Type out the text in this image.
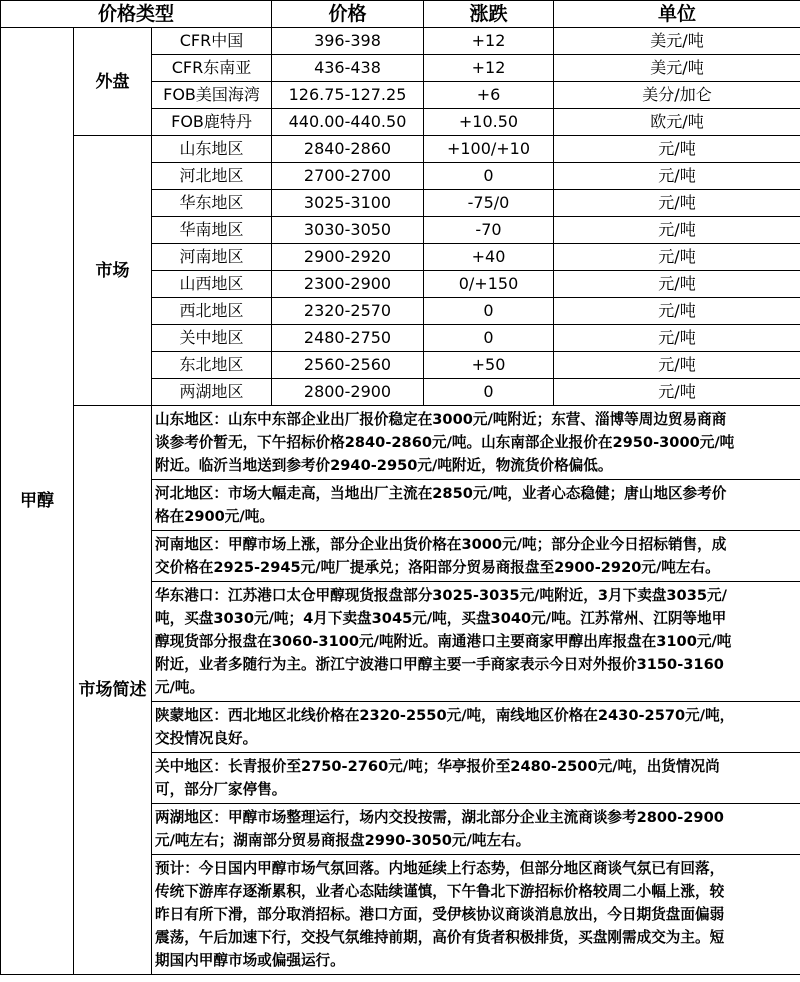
价格类型			价格	涨跌	单位
甲醇	外盘	CFR中国	396-398	+12	美元/吨
		CFR东南亚	436-438	+12	美元/吨
		FOB美国海湾	126.75-127.25	+6	美分/加仑
		FOB鹿特丹	440.00-440.50	+10.50	欧元/吨
	市场	山东地区	2840-2860	+100/+10	元/吨
		河北地区	2700-2700	0	元/吨
		华东地区	3025-3100	-75/0	元/吨
		华南地区	3030-3050	-70	元/吨
		河南地区	2900-2920	+40	元/吨
		山西地区	2300-2900	0/+150	元/吨
		西北地区	2320-2570	0	元/吨
		关中地区	2480-2750	0	元/吨
		东北地区	2560-2560	+50	元/吨
		两湖地区	2800-2900	0	元/吨
	市场简述	山东地区：山东中东部企业出厂报价稳定在3000元/吨附近；东营、淄博等周边贸易商商
谈参考价暂无，下午招标价格2840-2860元/吨。山东南部企业报价在2950-3000元/吨
附近。临沂当地送到参考价2940-2950元/吨附近，物流货价格偏低。			

		河北地区：市场大幅走高，当地出厂主流在2850元/吨，业者心态稳健；唐山地区参考价
格在2900元/吨。			

		河南地区：甲醇市场上涨，部分企业出货价格在3000元/吨；部分企业今日招标销售，成
交价格在2925-2945元/吨厂提承兑；洛阳部分贸易商报盘至2900-2920元/吨左右。			

		华东港口：江苏港口太仓甲醇现货报盘部分3025-3035元/吨附近，3月下卖盘3035元/
吨，买盘3030元/吨；4月下卖盘3045元/吨，买盘3040元/吨。江苏常州、江阴等地甲
醇现货部分报盘在3060-3100元/吨附近。南通港口主要商家甲醇出库报盘在3100元/吨
附近，业者多随行为主。浙江宁波港口甲醇主要一手商家表示今日对外报价3150-3160
元/吨。			

		陕蒙地区：西北地区北线价格在2320-2550元/吨，南线地区价格在2430-2570元/吨，
交投情况良好。			

		关中地区：长青报价至2750-2760元/吨；华亭报价至2480-2500元/吨，出货情况尚
可，部分厂家停售。			

		两湖地区：甲醇市场整理运行，场内交投按需，湖北部分企业主流商谈参考2800-2900
元/吨左右；湖南部分贸易商报盘2990-3050元/吨左右。			

		预计：今日国内甲醇市场气氛回落。内地延续上行态势，但部分地区商谈气氛已有回落，
传统下游库存逐渐累积，业者心态陆续谨慎，下午鲁北下游招标价格较周二小幅上涨，较
昨日有所下滑，部分取消招标。港口方面，受伊核协议商谈消息放出，今日期货盘面偏弱
震荡，午后加速下行，交投气氛维持前期，高价有货者积极排货，买盘刚需成交为主。短
期国内甲醇市场或偏强运行。			
